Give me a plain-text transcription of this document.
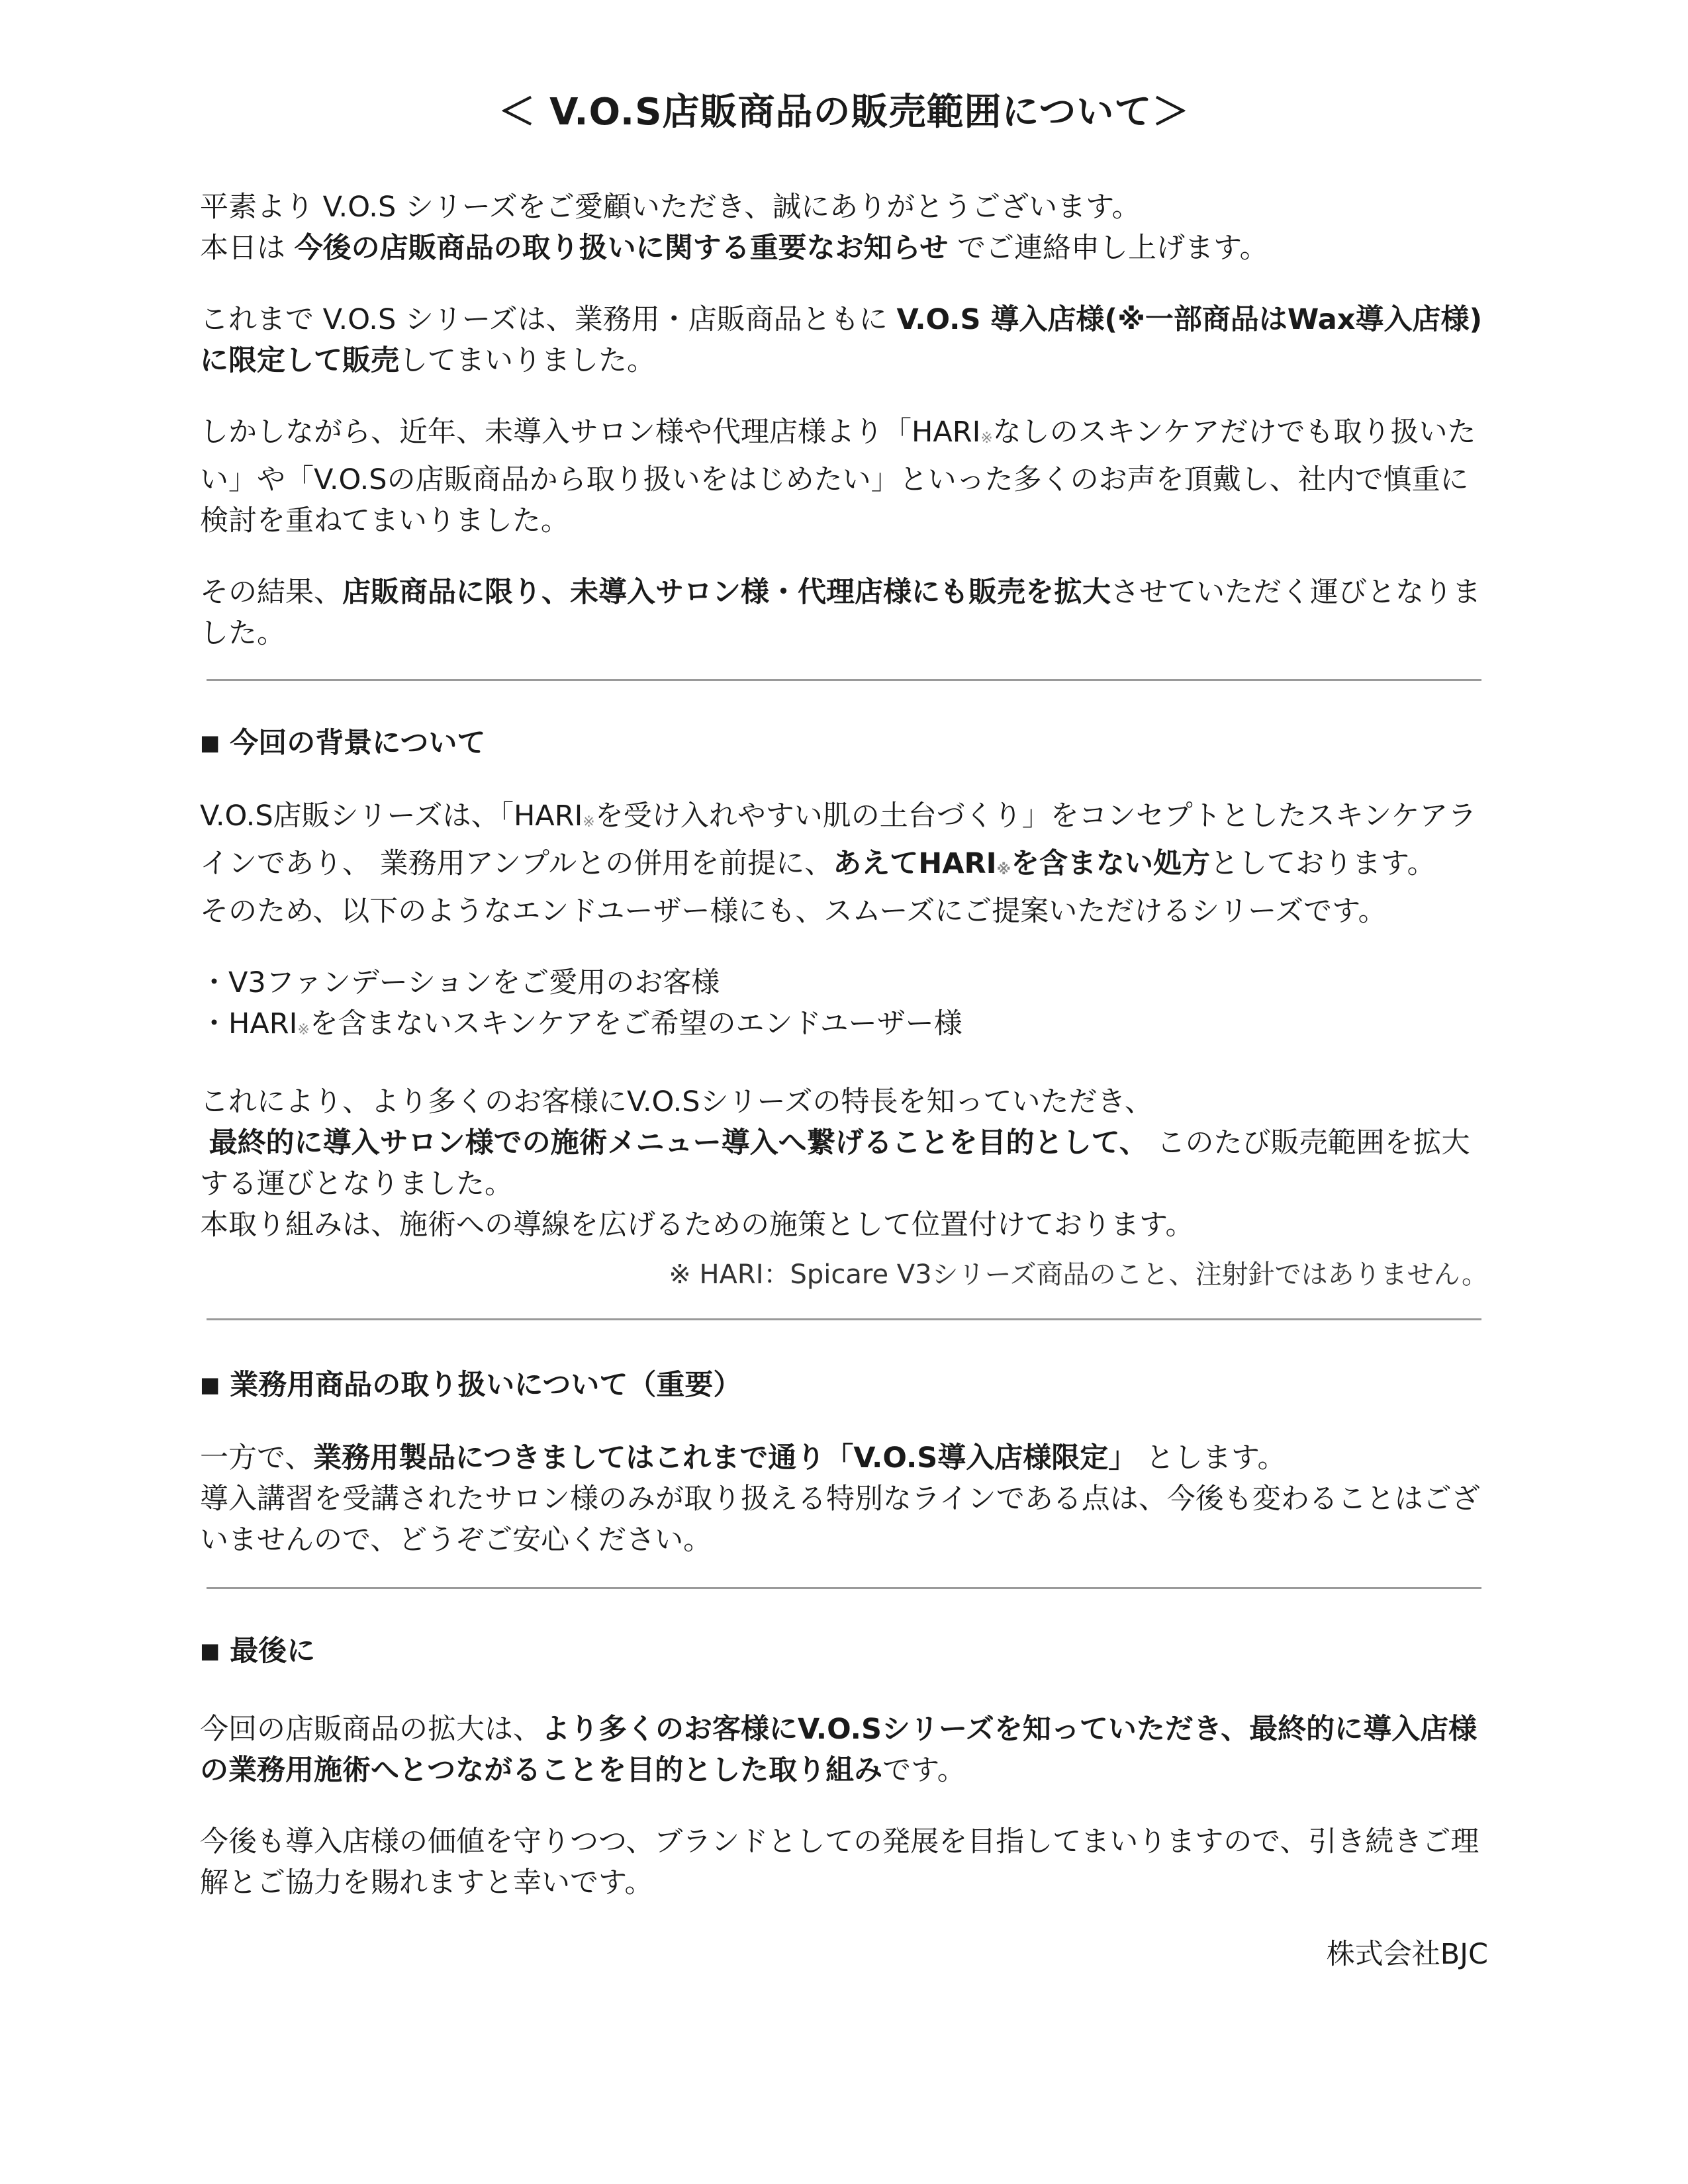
＜ V.O.S店販商品の販売範囲について＞
平素より V.O.S シリーズをご愛顧いただき、誠にありがとうございます。
本日は 今後の店販商品の取り扱いに関する重要なお知らせ でご連絡申し上げます。
これまで V.O.S シリーズは、業務用・店販商品ともに V.O.S 導入店様(※一部商品はWax導入店様)に限定して販売してまいりました。
しかしながら、近年、未導入サロン様や代理店様より「HARI※なしのスキンケアだけでも取り扱いたい」や「V.O.Sの店販商品から取り扱いをはじめたい」といった多くのお声を頂戴し、社内で慎重に検討を重ねてまいりました。
その結果、店販商品に限り、未導入サロン様・代理店様にも販売を拡大させていただく運びとなりました。
■ 今回の背景について
V.O.S店販シリーズは、「HARI※を受け入れやすい肌の土台づくり」をコンセプトとしたスキンケアラインであり、 業務用アンプルとの併用を前提に、あえてHARI※を含まない処方としております。
そのため、以下のようなエンドユーザー様にも、スムーズにご提案いただけるシリーズです。
・V3ファンデーションをご愛用のお客様
・HARI※を含まないスキンケアをご希望のエンドユーザー様
これにより、より多くのお客様にV.O.Sシリーズの特長を知っていただき、
最終的に導入サロン様での施術メニュー導入へ繋げることを目的として、 このたび販売範囲を拡大する運びとなりました。
本取り組みは、施術への導線を広げるための施策として位置付けております。
※ HARI：Spicare V3シリーズ商品のこと、注射針ではありません。
■ 業務用商品の取り扱いについて（重要）
一方で、業務用製品につきましてはこれまで通り「V.O.S導入店様限定」 とします。
導入講習を受講されたサロン様のみが取り扱える特別なラインである点は、今後も変わることはございませんので、どうぞご安心ください。
■ 最後に
今回の店販商品の拡大は、より多くのお客様にV.O.Sシリーズを知っていただき、最終的に導入店様の業務用施術へとつながることを目的とした取り組みです。
今後も導入店様の価値を守りつつ、ブランドとしての発展を目指してまいりますので、引き続きご理解とご協力を賜れますと幸いです。
株式会社BJC
